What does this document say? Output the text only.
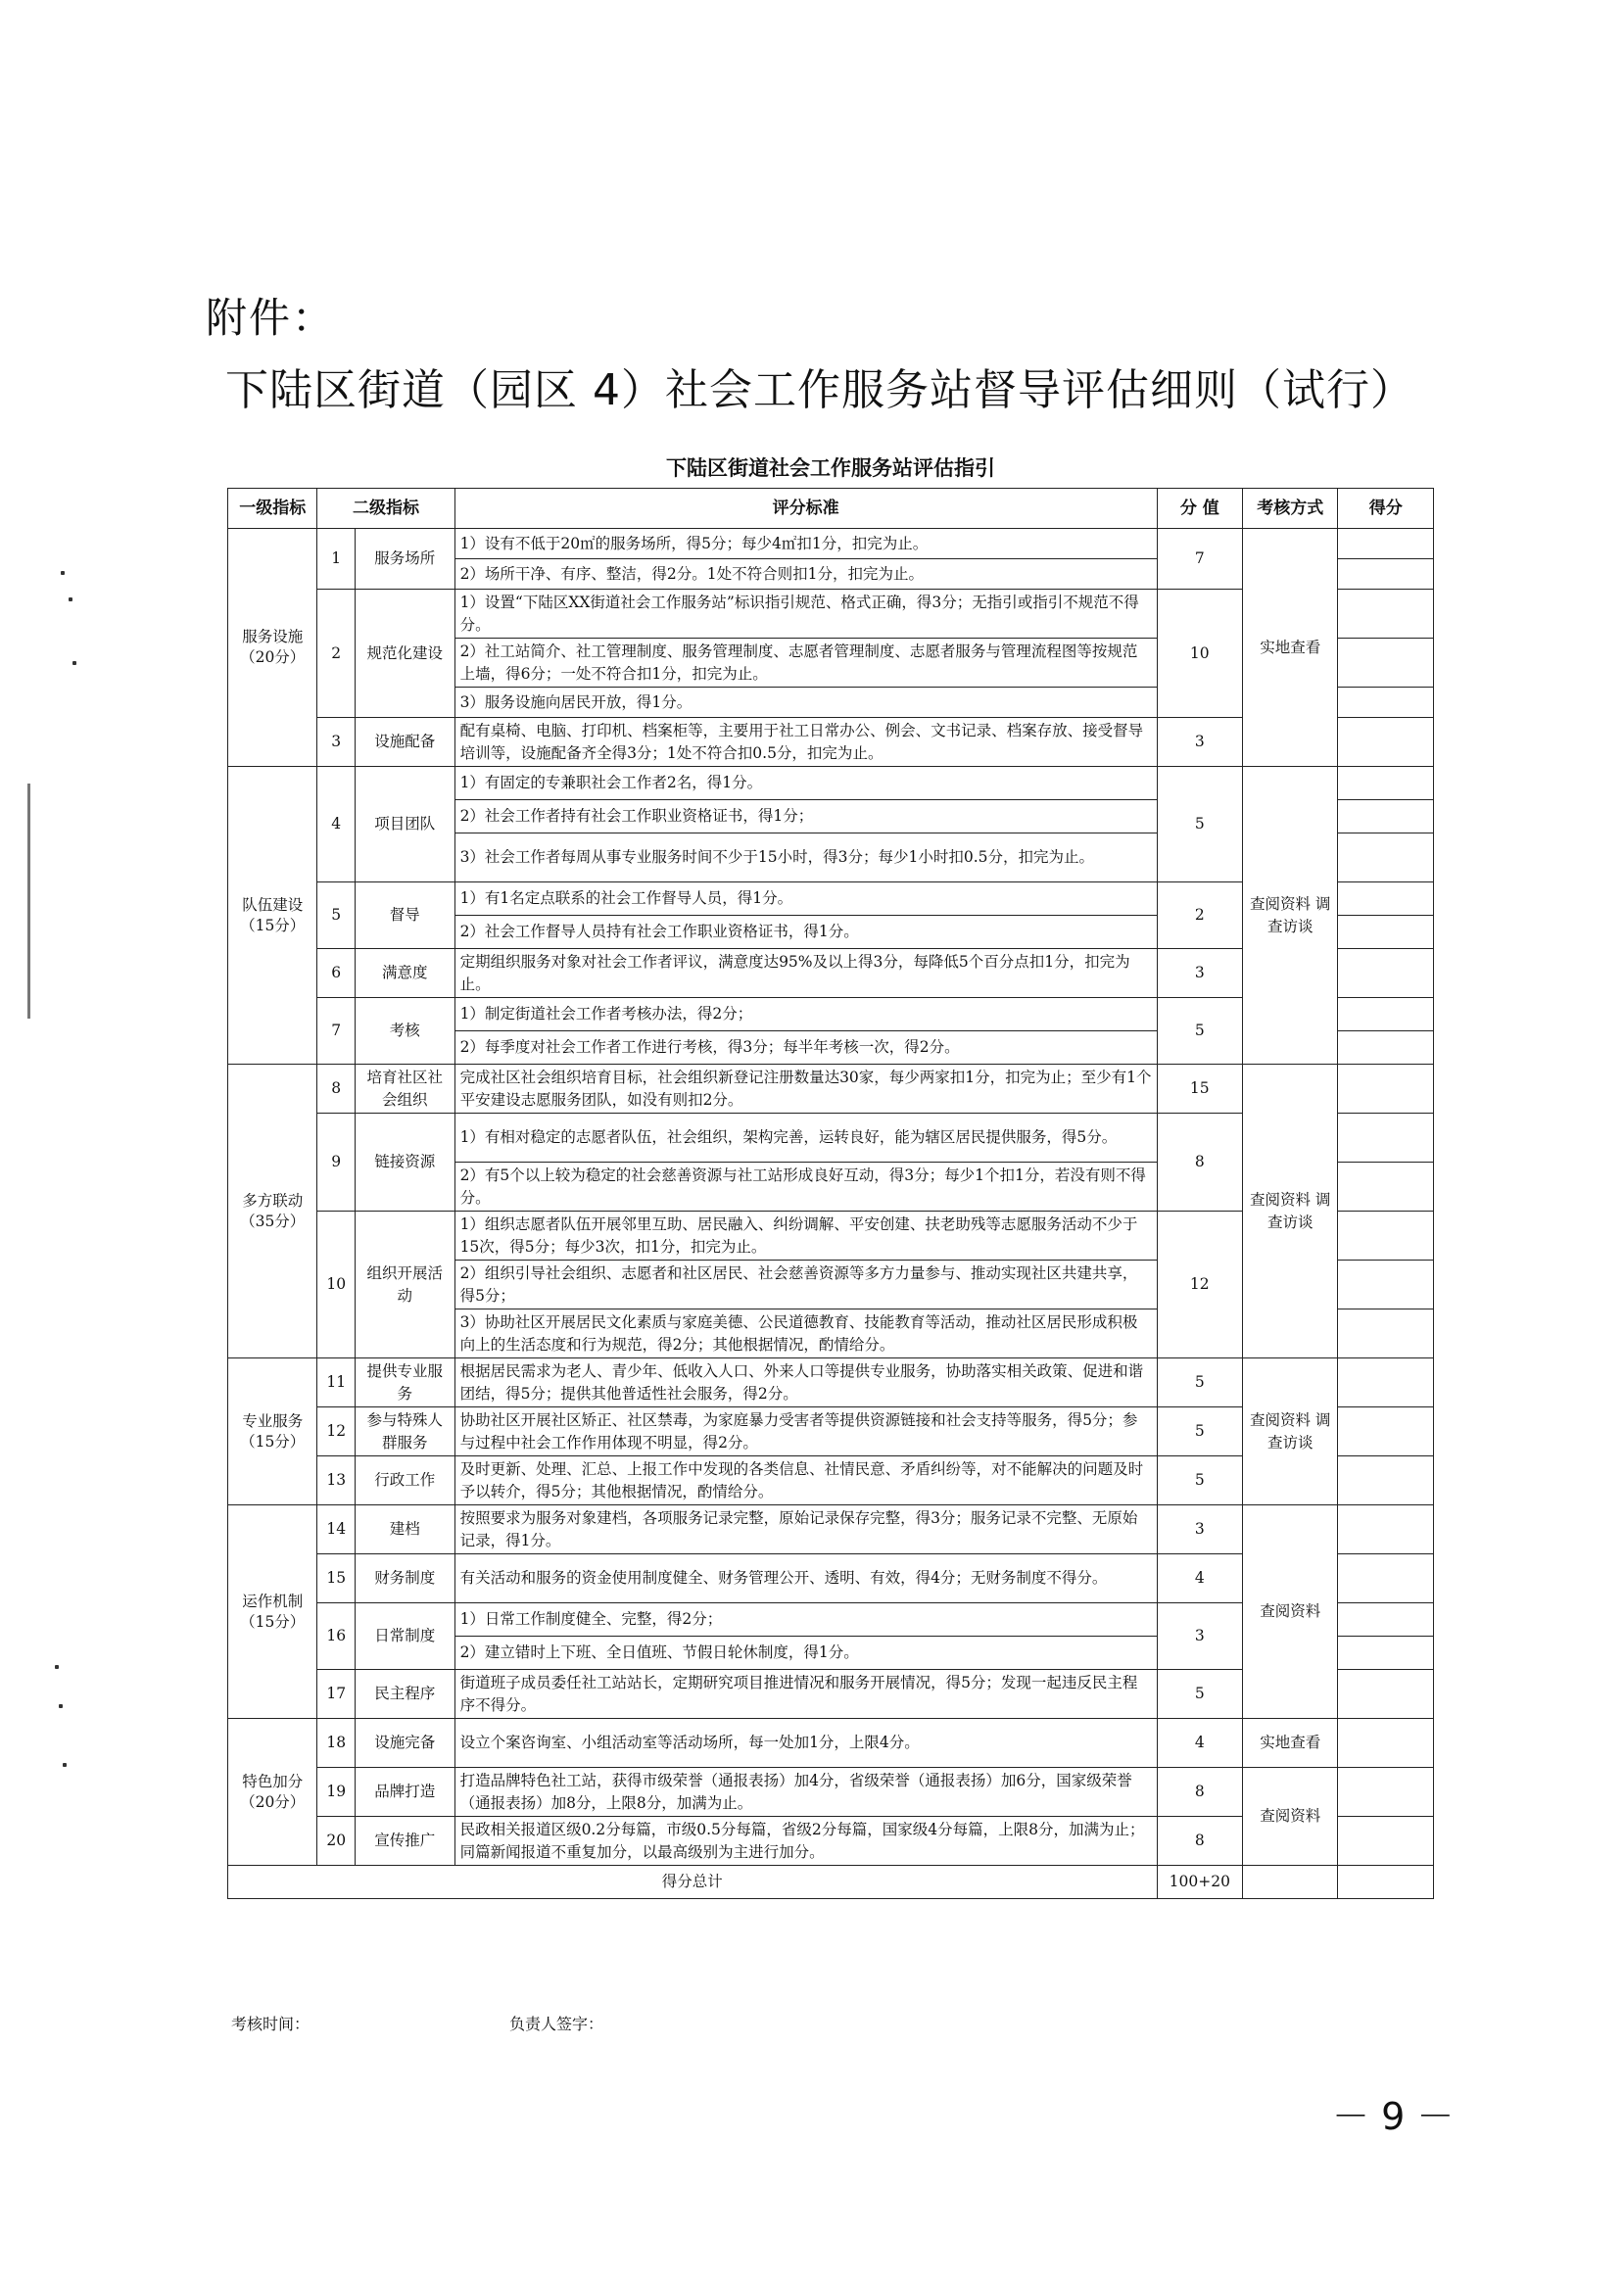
附件：
下陆区街道（园区 4）社会工作服务站督导评估细则（试行）
下陆区街道社会工作服务站评估指引
一级指标	二级指标		评分标准	分 值	考核方式	得分
服务设施（20分）	1	服务场所	1）设有不低于20㎡的服务场所，得5分；每少4㎡扣1分，扣完为止。	7	实地查看	
			2）场所干净、有序、整洁，得2分。1处不符合则扣1分，扣完为止。			
	2	规范化建设	1）设置“下陆区XX街道社会工作服务站”标识指引规范、格式正确，得3分；无指引或指引不规范不得分。	10		
			2）社工站简介、社工管理制度、服务管理制度、志愿者管理制度、志愿者服务与管理流程图等按规范上墙，得6分；一处不符合扣1分，扣完为止。			
			3）服务设施向居民开放，得1分。			
	3	设施配备	配有桌椅、电脑、打印机、档案柜等，主要用于社工日常办公、例会、文书记录、档案存放、接受督导培训等，设施配备齐全得3分；1处不符合扣0.5分，扣完为止。	3		
队伍建设（15分）	4	项目团队	1）有固定的专兼职社会工作者2名，得1分。	5	查阅资料 调查访谈	
			2）社会工作者持有社会工作职业资格证书，得1分；			
			3）社会工作者每周从事专业服务时间不少于15小时，得3分；每少1小时扣0.5分，扣完为止。			
	5	督导	1）有1名定点联系的社会工作督导人员，得1分。	2		
			2）社会工作督导人员持有社会工作职业资格证书，得1分。			
	6	满意度	定期组织服务对象对社会工作者评议，满意度达95%及以上得3分，每降低5个百分点扣1分，扣完为止。	3		
	7	考核	1）制定街道社会工作者考核办法，得2分；	5		
			2）每季度对社会工作者工作进行考核，得3分；每半年考核一次，得2分。			
多方联动（35分）	8	培育社区社会组织	完成社区社会组织培育目标，社会组织新登记注册数量达30家，每少两家扣1分，扣完为止；至少有1个平安建设志愿服务团队，如没有则扣2分。	15	查阅资料 调查访谈	
	9	链接资源	1）有相对稳定的志愿者队伍，社会组织，架构完善，运转良好，能为辖区居民提供服务，得5分。	8		
			2）有5个以上较为稳定的社会慈善资源与社工站形成良好互动，得3分；每少1个扣1分，若没有则不得分。			
	10	组织开展活动	1）组织志愿者队伍开展邻里互助、居民融入、纠纷调解、平安创建、扶老助残等志愿服务活动不少于15次，得5分；每少3次，扣1分，扣完为止。	12		
			2）组织引导社会组织、志愿者和社区居民、社会慈善资源等多方力量参与、推动实现社区共建共享，得5分；			
			3）协助社区开展居民文化素质与家庭美德、公民道德教育、技能教育等活动，推动社区居民形成积极向上的生活态度和行为规范，得2分；其他根据情况，酌情给分。			
专业服务（15分）	11	提供专业服务	根据居民需求为老人、青少年、低收入人口、外来人口等提供专业服务，协助落实相关政策、促进和谐团结，得5分；提供其他普适性社会服务，得2分。	5	查阅资料 调查访谈	
	12	参与特殊人群服务	协助社区开展社区矫正、社区禁毒，为家庭暴力受害者等提供资源链接和社会支持等服务，得5分；参与过程中社会工作作用体现不明显，得2分。	5		
	13	行政工作	及时更新、处理、汇总、上报工作中发现的各类信息、社情民意、矛盾纠纷等，对不能解决的问题及时予以转介，得5分；其他根据情况，酌情给分。	5		
运作机制（15分）	14	建档	按照要求为服务对象建档，各项服务记录完整，原始记录保存完整，得3分；服务记录不完整、无原始记录，得1分。	3	查阅资料	
	15	财务制度	有关活动和服务的资金使用制度健全、财务管理公开、透明、有效，得4分；无财务制度不得分。	4		
	16	日常制度	1）日常工作制度健全、完整，得2分；	3		
			2）建立错时上下班、全日值班、节假日轮休制度，得1分。			
	17	民主程序	街道班子成员委任社工站站长，定期研究项目推进情况和服务开展情况，得5分；发现一起违反民主程序不得分。	5		
特色加分（20分）	18	设施完备	设立个案咨询室、小组活动室等活动场所，每一处加1分，上限4分。	4	实地查看	
	19	品牌打造	打造品牌特色社工站，获得市级荣誉（通报表扬）加4分，省级荣誉（通报表扬）加6分，国家级荣誉（通报表扬）加8分，上限8分，加满为止。	8	查阅资料	
	20	宣传推广	民政相关报道区级0.2分每篇，市级0.5分每篇，省级2分每篇，国家级4分每篇，上限8分，加满为止；同篇新闻报道不重复加分，以最高级别为主进行加分。	8		
得分总计				100+20		
考核时间：	负责人签字：
－ 9 －
